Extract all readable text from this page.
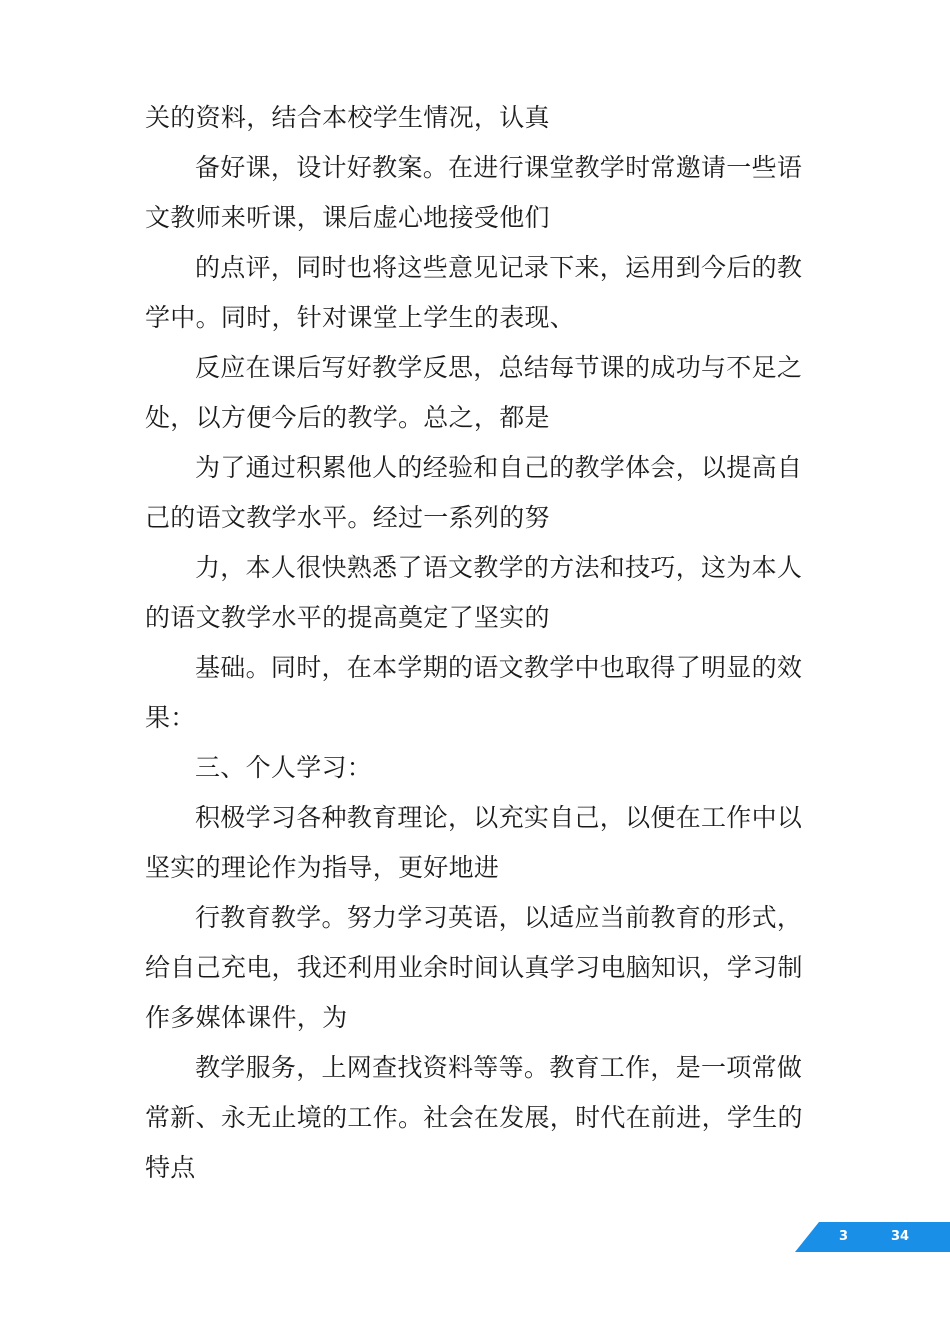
关的资料，结合本校学生情况，认真
备好课，设计好教案。在进行课堂教学时常邀请一些语
文教师来听课，课后虚心地接受他们
的点评，同时也将这些意见记录下来，运用到今后的教
学中。同时，针对课堂上学生的表现、
反应在课后写好教学反思，总结每节课的成功与不足之
处，以方便今后的教学。总之，都是
为了通过积累他人的经验和自己的教学体会，以提高自
己的语文教学水平。经过一系列的努
力，本人很快熟悉了语文教学的方法和技巧，这为本人
的语文教学水平的提高奠定了坚实的
基础。同时，在本学期的语文教学中也取得了明显的效
果：
三、个人学习：
积极学习各种教育理论，以充实自己，以便在工作中以
坚实的理论作为指导，更好地进
行教育教学。努力学习英语，以适应当前教育的形式，
给自己充电，我还利用业余时间认真学习电脑知识，学习制
作多媒体课件，为
教学服务，上网查找资料等等。教育工作，是一项常做
常新、永无止境的工作。社会在发展，时代在前进，学生的
特点
3	34
